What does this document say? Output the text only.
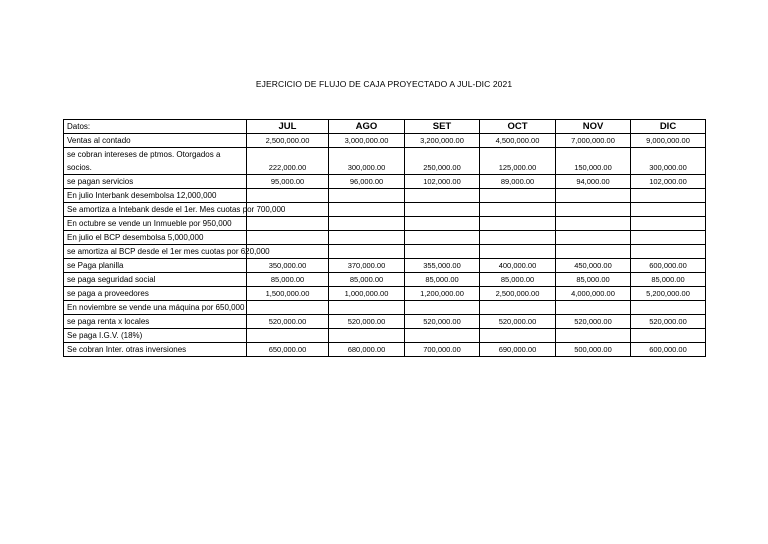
EJERCICIO DE FLUJO DE CAJA PROYECTADO A JUL-DIC 2021
Datos:	JUL	AGO	SET	OCT	NOV	DIC
Ventas al contado	2,500,000.00	3,000,000.00	3,200,000.00	4,500,000.00	7,000,000.00	9,000,000.00
se cobran intereses de ptmos. Otorgados a socios.	222,000.00	300,000.00	250,000.00	125,000.00	150,000.00	300,000.00
se pagan servicios	95,000.00	96,000.00	102,000.00	89,000.00	94,000.00	102,000.00
En julio Interbank desembolsa 12,000,000						
Se amortiza a Intebank desde el 1er. Mes cuotas por 700,000						
En octubre se vende un Inmueble por 950,000						
En julio el BCP desembolsa 5,000,000						
se amortiza al BCP desde el 1er mes cuotas por 620,000						
se Paga planilla	350,000.00	370,000.00	355,000.00	400,000.00	450,000.00	600,000.00
se paga seguridad social	85,000.00	85,000.00	85,000.00	85,000.00	85,000.00	85,000.00
se paga a proveedores	1,500,000.00	1,000,000.00	1,200,000.00	2,500,000.00	4,000,000.00	5,200,000.00
En noviembre se vende una máquina por 650,000						
se paga renta x locales	520,000.00	520,000.00	520,000.00	520,000.00	520,000.00	520,000.00
Se paga I.G.V. (18%)						
Se cobran Inter. otras inversiones	650,000.00	680,000.00	700,000.00	690,000.00	500,000.00	600,000.00
